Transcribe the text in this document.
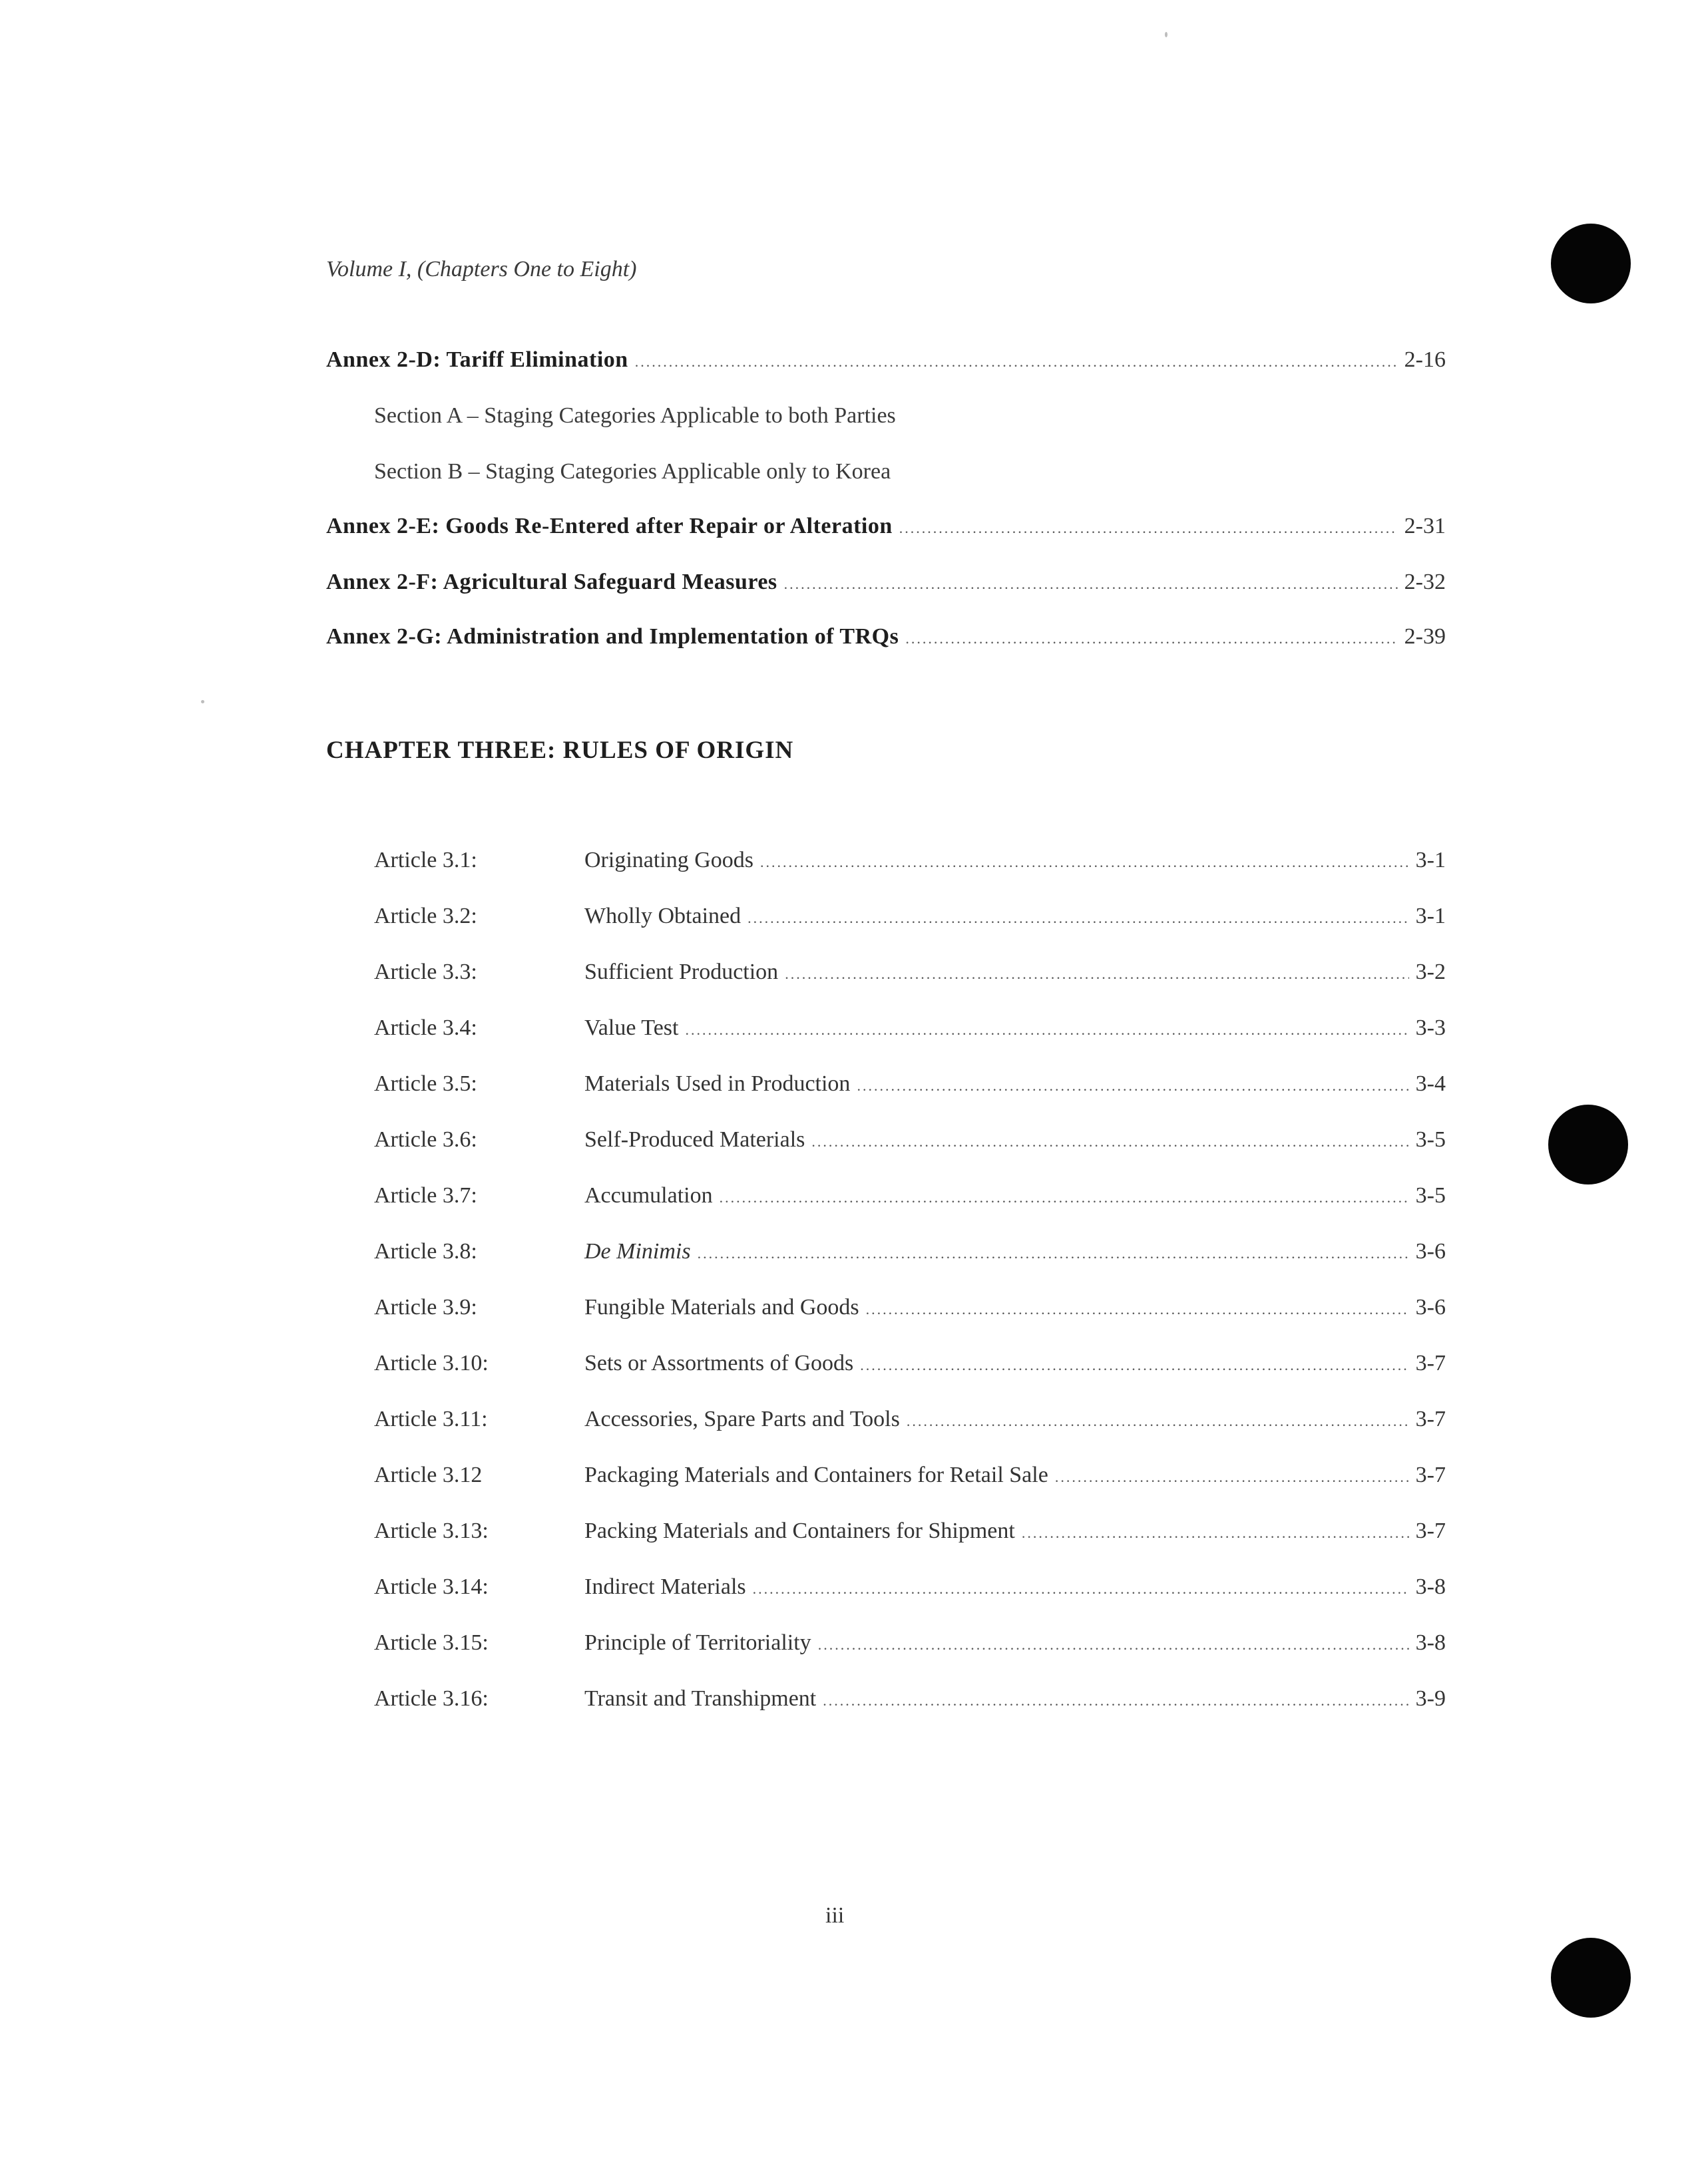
Volume I, (Chapters One to Eight)
Annex 2-D: Tariff Elimination .....	2-16
Section A – Staging Categories Applicable to both Parties
Section B – Staging Categories Applicable only to Korea
Annex 2-E: Goods Re-Entered after Repair or Alteration .....	2-31
Annex 2-F: Agricultural Safeguard Measures .....	2-32
Annex 2-G: Administration and Implementation of TRQs .....	2-39
CHAPTER THREE: RULES OF ORIGIN
Article 3.1:	Originating Goods .....	3-1
Article 3.2:	Wholly Obtained .....	3-1
Article 3.3:	Sufficient Production .....	3-2
Article 3.4:	Value Test .....	3-3
Article 3.5:	Materials Used in Production .....	3-4
Article 3.6:	Self-Produced Materials .....	3-5
Article 3.7:	Accumulation .....	3-5
Article 3.8:	De Minimis .....	3-6
Article 3.9:	Fungible Materials and Goods .....	3-6
Article 3.10:	Sets or Assortments of Goods .....	3-7
Article 3.11:	Accessories, Spare Parts and Tools .....	3-7
Article 3.12	Packaging Materials and Containers for Retail Sale .....	3-7
Article 3.13:	Packing Materials and Containers for Shipment .....	3-7
Article 3.14:	Indirect Materials .....	3-8
Article 3.15:	Principle of Territoriality .....	3-8
Article 3.16:	Transit and Transhipment .....	3-9
iii
